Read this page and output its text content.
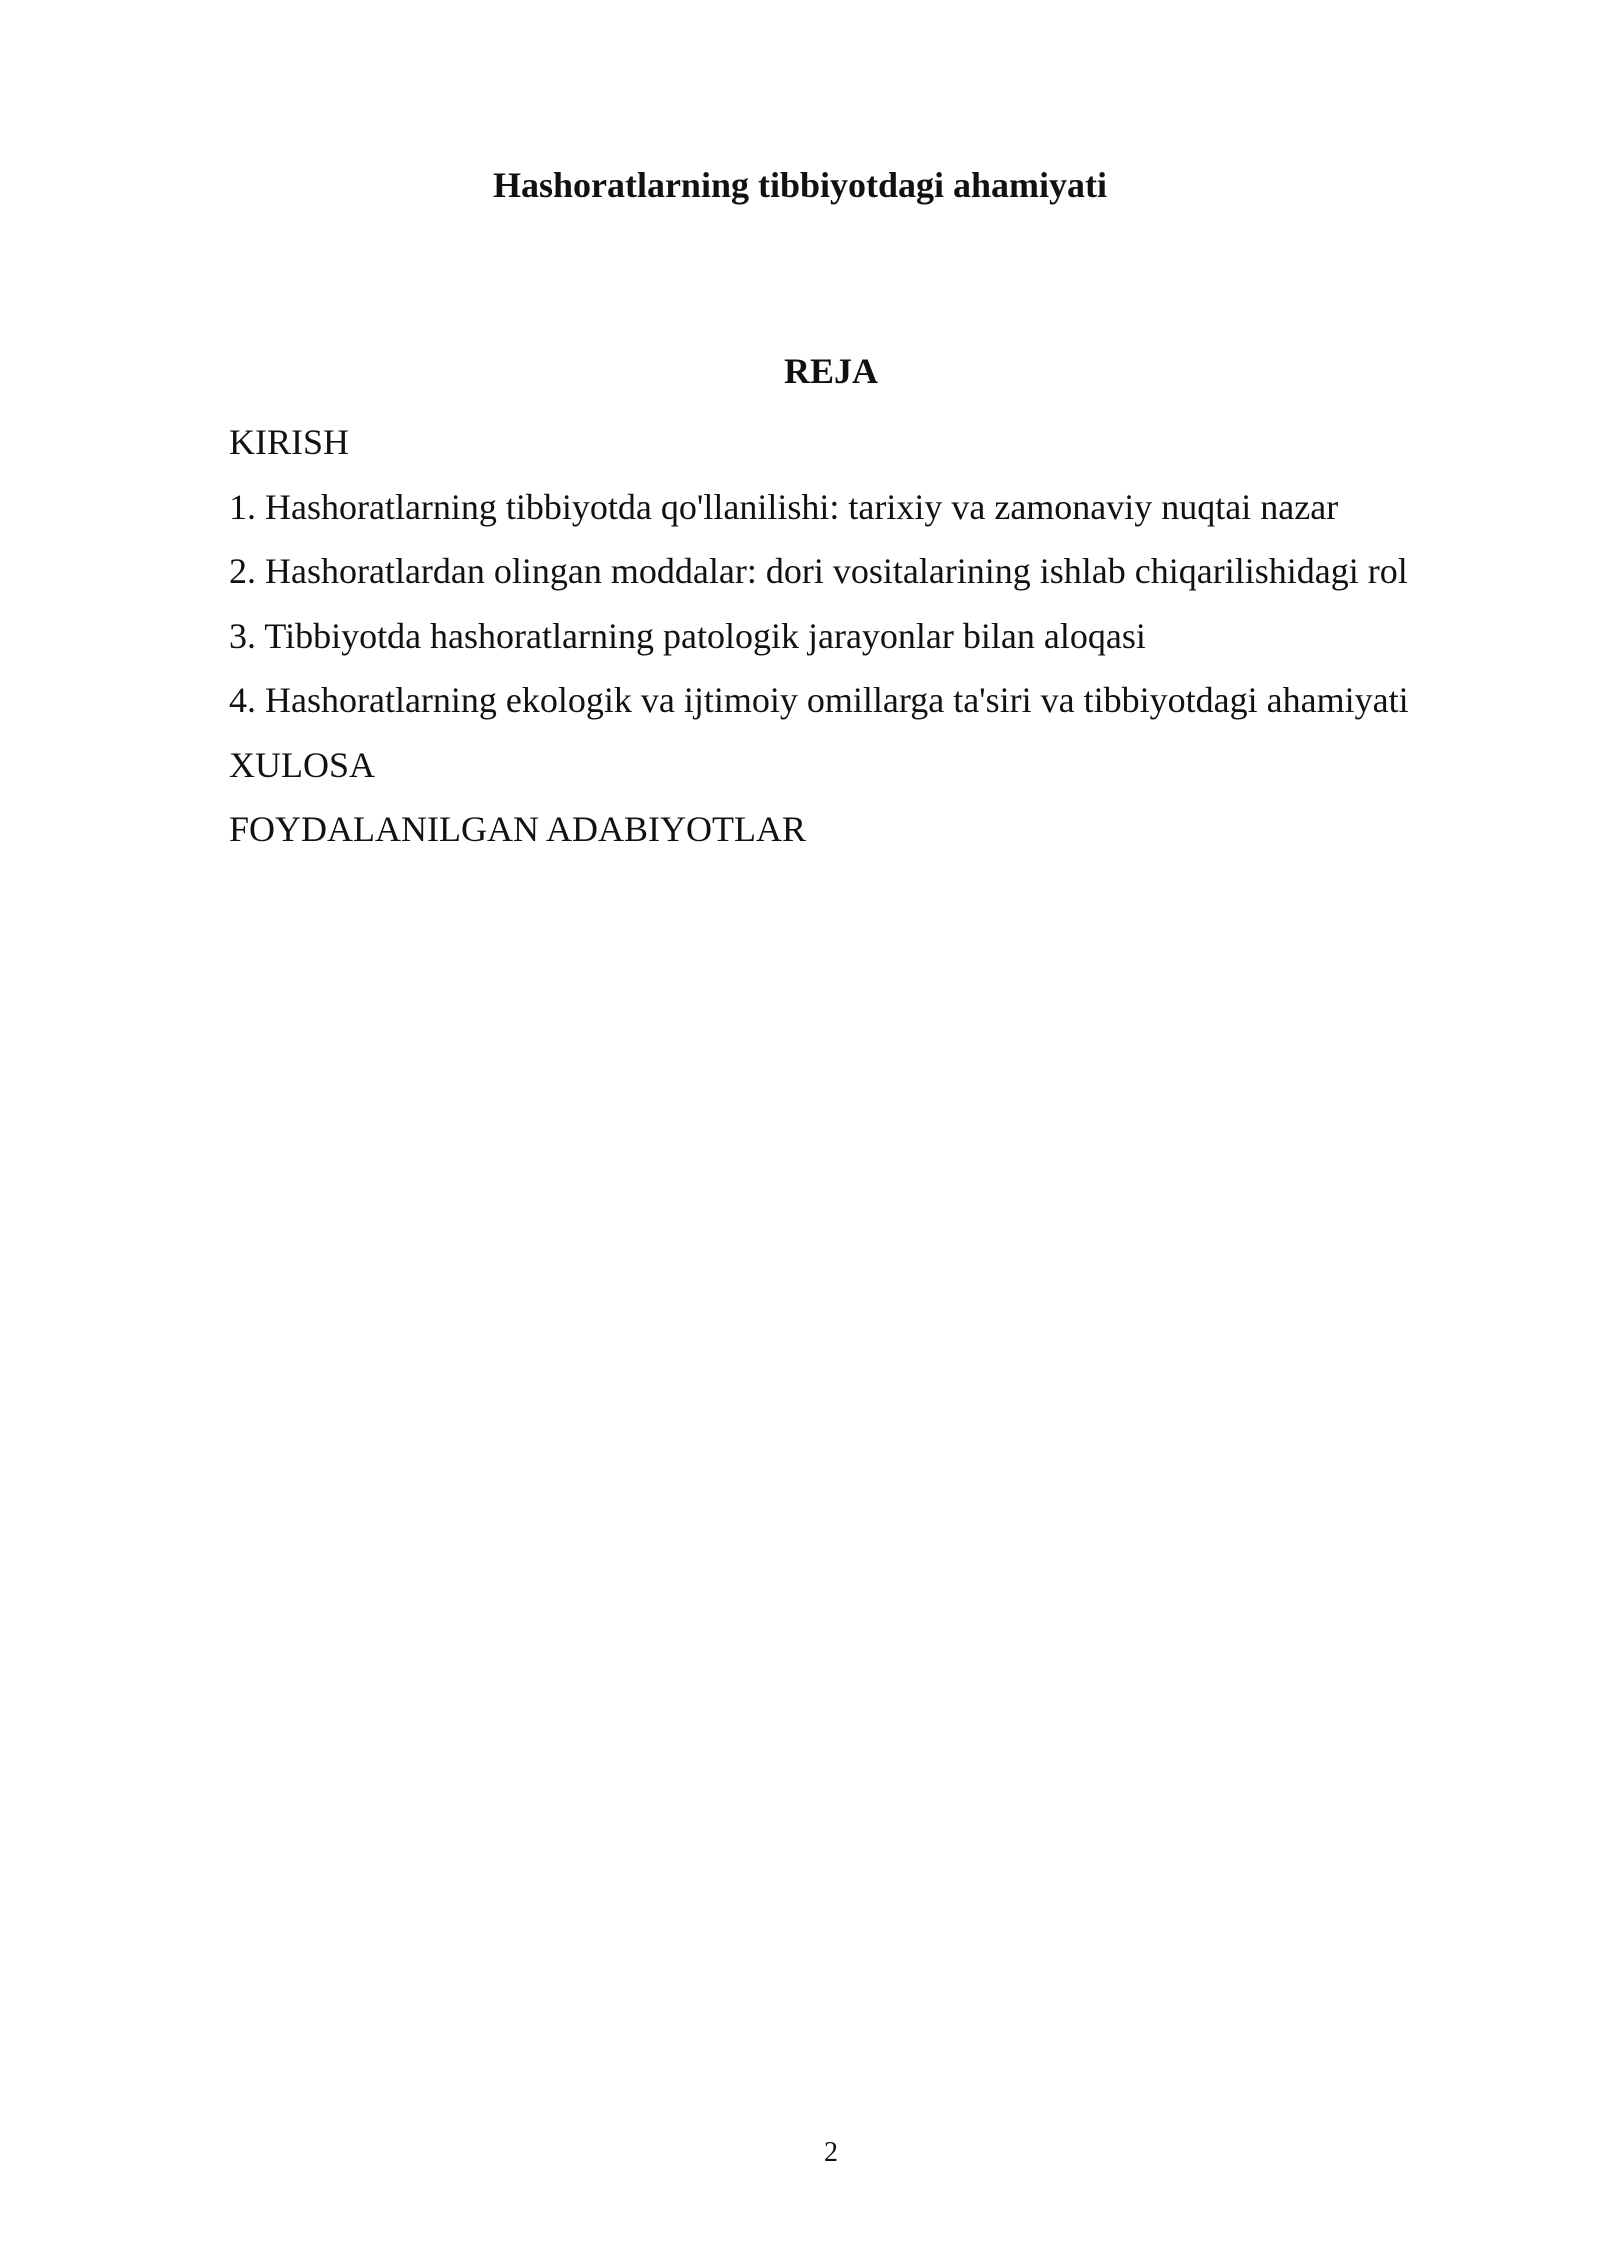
Hashoratlarning tibbiyotdagi ahamiyati
REJA
KIRISH
1. Hashoratlarning tibbiyotda qo'llanilishi: tarixiy va zamonaviy nuqtai nazar
2. Hashoratlardan olingan moddalar: dori vositalarining ishlab chiqarilishidagi rol
3. Tibbiyotda hashoratlarning patologik jarayonlar bilan aloqasi
4. Hashoratlarning ekologik va ijtimoiy omillarga ta'siri va tibbiyotdagi ahamiyati
XULOSA
FOYDALANILGAN ADABIYOTLAR
2
